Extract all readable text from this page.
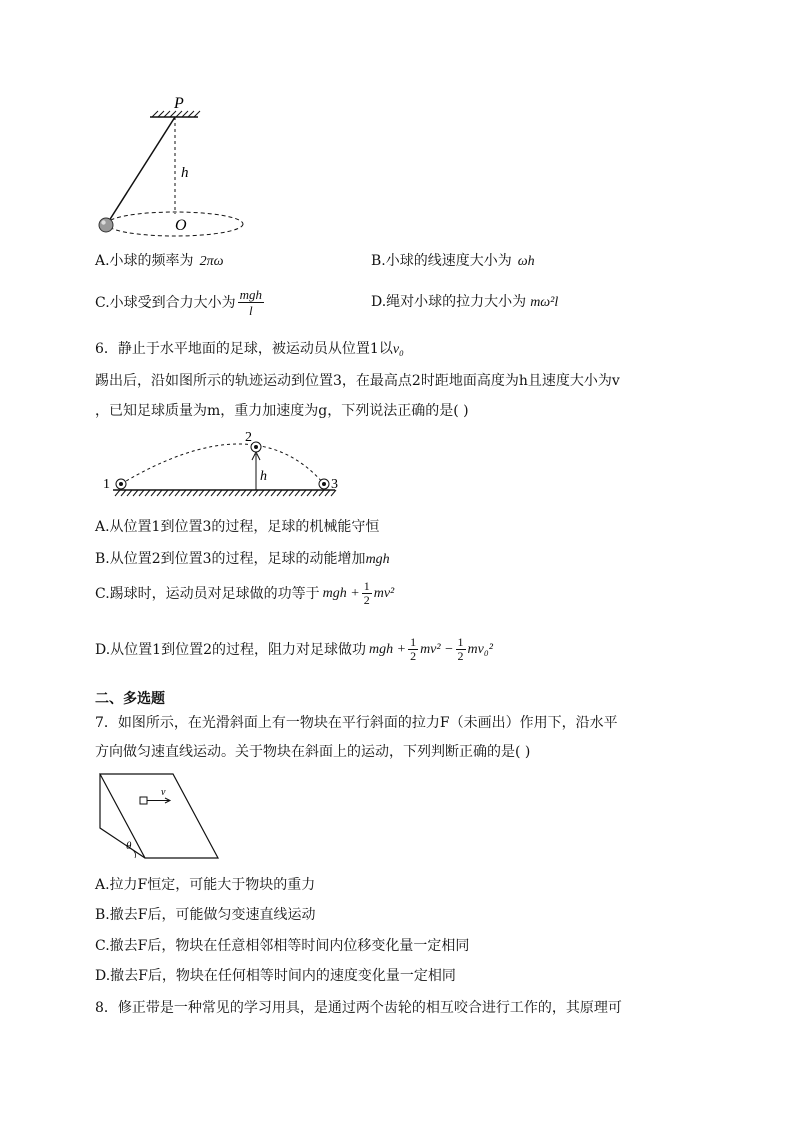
P
h
O
A.小球的频率为 2πω	B.小球的线速度大小为 ωh
C.小球受到合力大小为 $\frac{\text{mgh}}{l}$	D.绳对小球的拉力大小为 mω²l
6．静止于水平地面的足球，被运动员从位置1以v₀
踢出后，沿如图所示的轨迹运动到位置3，在最高点2时距地面高度为h且速度大小为v
，已知足球质量为m，重力加速度为g，下列说法正确的是( )
h
1
2
3
A.从位置1到位置3的过程，足球的机械能守恒
B.从位置2到位置3的过程，足球的动能增加mgh
C.踢球时，运动员对足球做的功等于 mgh + $\frac{1}{2} mv^2$
D.从位置1到位置2的过程，阻力对足球做功 mgh + $\frac{1}{2} mv^2 - \frac{1}{2} mv_0^2$
二、多选题
7．如图所示，在光滑斜面上有一物块在平行斜面的拉力F（未画出）作用下，沿水平
方向做匀速直线运动。关于物块在斜面上的运动，下列判断正确的是( )
v
θ
A.拉力F恒定，可能大于物块的重力
B.撤去F后，可能做匀变速直线运动
C.撤去F后，物块在任意相邻相等时间内位移变化量一定相同
D.撤去F后，物块在任何相等时间内的速度变化量一定相同
8．修正带是一种常见的学习用具，是通过两个齿轮的相互咬合进行工作的，其原理可
